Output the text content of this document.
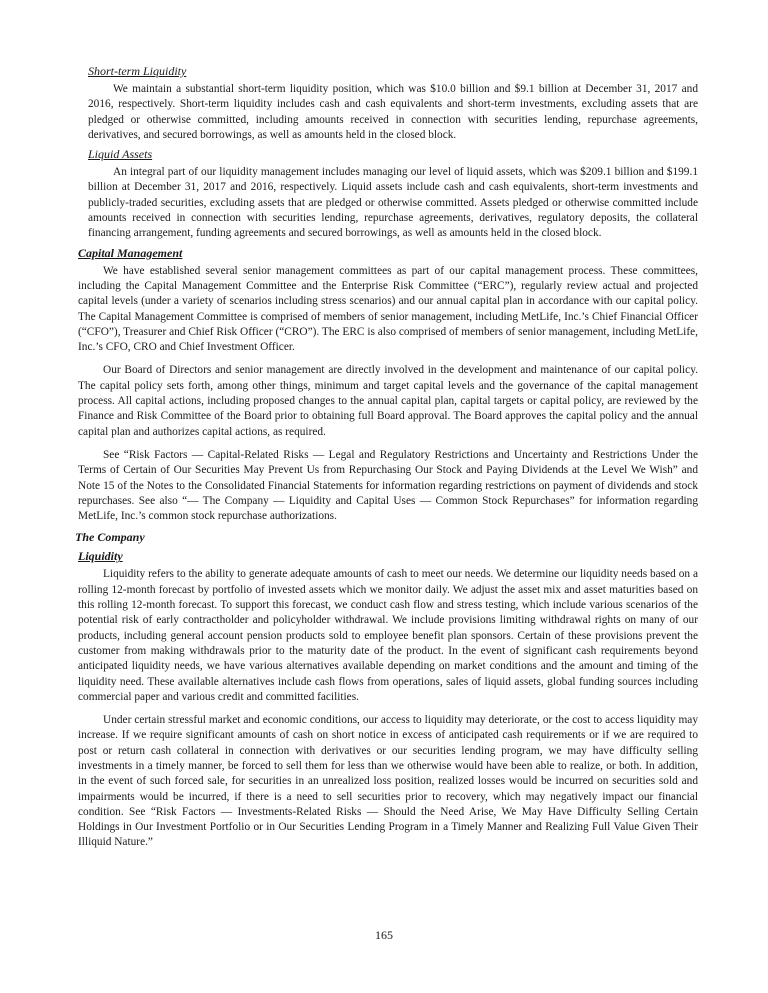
Short-term Liquidity

We maintain a substantial short-term liquidity position, which was $10.0 billion and $9.1 billion at December 31, 2017 and 2016, respectively. Short-term liquidity includes cash and cash equivalents and short-term investments, excluding assets that are pledged or otherwise committed, including amounts received in connection with securities lending, repurchase agreements, derivatives, and secured borrowings, as well as amounts held in the closed block.

Liquid Assets

An integral part of our liquidity management includes managing our level of liquid assets, which was $209.1 billion and $199.1 billion at December 31, 2017 and 2016, respectively. Liquid assets include cash and cash equivalents, short-term investments and publicly-traded securities, excluding assets that are pledged or otherwise committed. Assets pledged or otherwise committed include amounts received in connection with securities lending, repurchase agreements, derivatives, regulatory deposits, the collateral financing arrangement, funding agreements and secured borrowings, as well as amounts held in the closed block.

Capital Management

We have established several senior management committees as part of our capital management process. These committees, including the Capital Management Committee and the Enterprise Risk Committee (“ERC”), regularly review actual and projected capital levels (under a variety of scenarios including stress scenarios) and our annual capital plan in accordance with our capital policy. The Capital Management Committee is comprised of members of senior management, including MetLife, Inc.’s Chief Financial Officer (“CFO”), Treasurer and Chief Risk Officer (“CRO”). The ERC is also comprised of members of senior management, including MetLife, Inc.’s CFO, CRO and Chief Investment Officer.

Our Board of Directors and senior management are directly involved in the development and maintenance of our capital policy. The capital policy sets forth, among other things, minimum and target capital levels and the governance of the capital management process. All capital actions, including proposed changes to the annual capital plan, capital targets or capital policy, are reviewed by the Finance and Risk Committee of the Board prior to obtaining full Board approval. The Board approves the capital policy and the annual capital plan and authorizes capital actions, as required.

See “Risk Factors — Capital-Related Risks — Legal and Regulatory Restrictions and Uncertainty and Restrictions Under the Terms of Certain of Our Securities May Prevent Us from Repurchasing Our Stock and Paying Dividends at the Level We Wish” and Note 15 of the Notes to the Consolidated Financial Statements for information regarding restrictions on payment of dividends and stock repurchases. See also “— The Company — Liquidity and Capital Uses — Common Stock Repurchases” for information regarding MetLife, Inc.’s common stock repurchase authorizations.

The Company
Liquidity

Liquidity refers to the ability to generate adequate amounts of cash to meet our needs. We determine our liquidity needs based on a rolling 12-month forecast by portfolio of invested assets which we monitor daily. We adjust the asset mix and asset maturities based on this rolling 12-month forecast. To support this forecast, we conduct cash flow and stress testing, which include various scenarios of the potential risk of early contractholder and policyholder withdrawal. We include provisions limiting withdrawal rights on many of our products, including general account pension products sold to employee benefit plan sponsors. Certain of these provisions prevent the customer from making withdrawals prior to the maturity date of the product. In the event of significant cash requirements beyond anticipated liquidity needs, we have various alternatives available depending on market conditions and the amount and timing of the liquidity need. These available alternatives include cash flows from operations, sales of liquid assets, global funding sources including commercial paper and various credit and committed facilities.

Under certain stressful market and economic conditions, our access to liquidity may deteriorate, or the cost to access liquidity may increase. If we require significant amounts of cash on short notice in excess of anticipated cash requirements or if we are required to post or return cash collateral in connection with derivatives or our securities lending program, we may have difficulty selling investments in a timely manner, be forced to sell them for less than we otherwise would have been able to realize, or both. In addition, in the event of such forced sale, for securities in an unrealized loss position, realized losses would be incurred on securities sold and impairments would be incurred, if there is a need to sell securities prior to recovery, which may negatively impact our financial condition. See “Risk Factors — Investments-Related Risks — Should the Need Arise, We May Have Difficulty Selling Certain Holdings in Our Investment Portfolio or in Our Securities Lending Program in a Timely Manner and Realizing Full Value Given Their Illiquid Nature.”

165
